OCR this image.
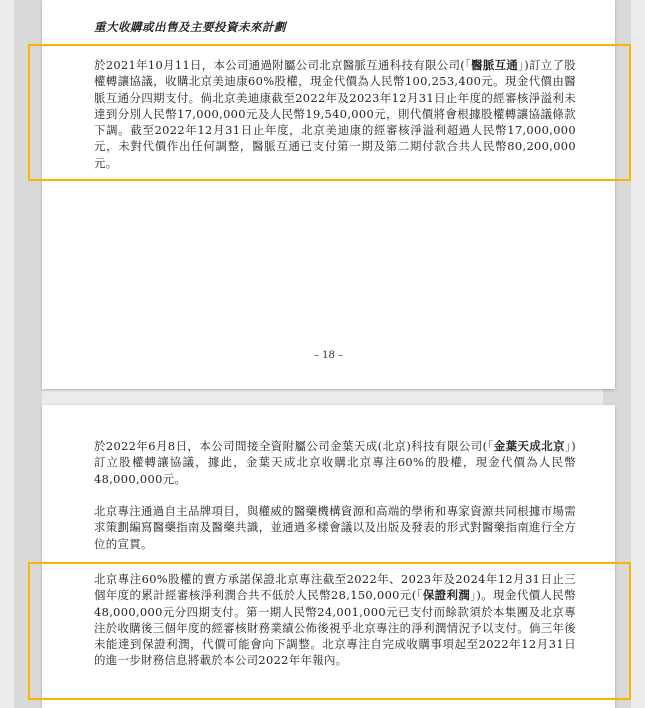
重大收購或出售及主要投資未來計劃
於2021年10月11日，本公司通過附屬公司北京醫脈互通科技有限公司(「醫脈互通」)訂立了股權轉讓協議，收購北京美迪康60%股權，現金代價為人民幣100,253,400元。現金代價由醫脈互通分四期支付。倘北京美迪康截至2022年及2023年12月31日止年度的經審核淨溢利未達到分別人民幣17,000,000元及人民幣19,540,000元，則代價將會根據股權轉讓協議條款下調。截至2022年12月31日止年度，北京美迪康的經審核淨溢利超過人民幣17,000,000元，未對代價作出任何調整，醫脈互通已支付第一期及第二期付款合共人民幣80,200,000元。
– 18 –
於2022年6月8日，本公司間接全資附屬公司金葉天成(北京)科技有限公司(「金葉天成北京」)訂立股權轉讓協議，據此，金葉天成北京收購北京專注60%的股權，現金代價為人民幣48,000,000元。
北京專注通過自主品牌項目，與權威的醫藥機構資源和高端的學術和專家資源共同根據市場需求策劃編寫醫藥指南及醫藥共識，並通過多樣會議以及出版及發表的形式對醫藥指南進行全方位的宣貫。
北京專注60%股權的賣方承諾保證北京專注截至2022年、2023年及2024年12月31日止三個年度的累計經審核淨利潤合共不低於人民幣28,150,000元(「保證利潤」)。現金代價人民幣48,000,000元分四期支付。第一期人民幣24,001,000元已支付而餘款須於本集團及北京專注於收購後三個年度的經審核財務業績公佈後視乎北京專注的淨利潤情況予以支付。倘三年後未能達到保證利潤，代價可能會向下調整。北京專注自完成收購事項起至2022年12月31日的進一步財務信息將載於本公司2022年年報內。
